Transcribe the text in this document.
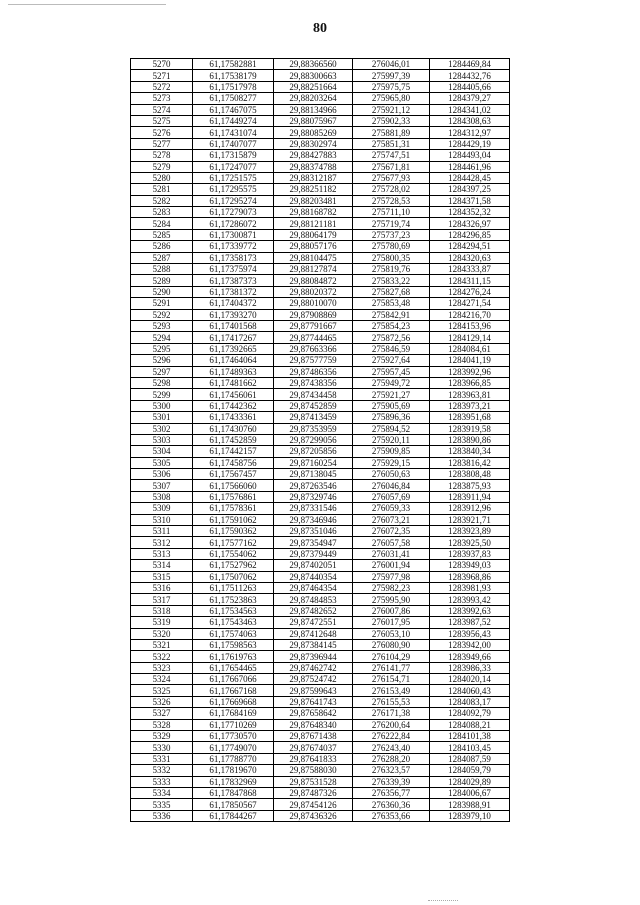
80
5270	61,17582881	29,88366560	276046,01	1284469,84
5271	61,17538179	29,88300663	275997,39	1284432,76
5272	61,17517978	29,88251664	275975,75	1284405,66
5273	61,17508277	29,88203264	275965,80	1284379,27
5274	61,17467075	29,88134966	275921,12	1284341,02
5275	61,17449274	29,88075967	275902,33	1284308,63
5276	61,17431074	29,88085269	275881,89	1284312,97
5277	61,17407077	29,88302974	275851,31	1284429,19
5278	61,17315879	29,88427883	275747,51	1284493,04
5279	61,17247077	29,88374788	275671,81	1284461,96
5280	61,17251575	29,88312187	275677,93	1284428,45
5281	61,17295575	29,88251182	275728,02	1284397,25
5282	61,17295274	29,88203481	275728,53	1284371,58
5283	61,17279073	29,88168782	275711,10	1284352,32
5284	61,17286072	29,88121181	275719,74	1284326,97
5285	61,17300871	29,88064179	275737,23	1284296,85
5286	61,17339772	29,88057176	275780,69	1284294,51
5287	61,17358173	29,88104475	275800,35	1284320,63
5288	61,17375974	29,88127874	275819,76	1284333,87
5289	61,17387373	29,88084872	275833,22	1284311,15
5290	61,17381372	29,88020372	275827,68	1284276,24
5291	61,17404372	29,88010070	275853,48	1284271,54
5292	61,17393270	29,87908869	275842,91	1284216,70
5293	61,17401568	29,87791667	275854,23	1284153,96
5294	61,17417267	29,87744465	275872,56	1284129,14
5295	61,17392665	29,87663366	275846,59	1284084,61
5296	61,17464064	29,87577759	275927,64	1284041,19
5297	61,17489363	29,87486356	275957,45	1283992,96
5298	61,17481662	29,87438356	275949,72	1283966,85
5299	61,17456061	29,87434458	275921,27	1283963,81
5300	61,17442362	29,87452859	275905,69	1283973,21
5301	61,17433361	29,87413459	275896,36	1283951,68
5302	61,17430760	29,87353959	275894,52	1283919,58
5303	61,17452859	29,87299056	275920,11	1283890,86
5304	61,17442157	29,87205856	275909,85	1283840,34
5305	61,17458756	29,87160254	275929,15	1283816,42
5306	61,17567457	29,87138045	276050,63	1283808,48
5307	61,17566060	29,87263546	276046,84	1283875,93
5308	61,17576861	29,87329746	276057,69	1283911,94
5309	61,17578361	29,87331546	276059,33	1283912,96
5310	61,17591062	29,87346946	276073,21	1283921,71
5311	61,17590362	29,87351046	276072,35	1283923,89
5312	61,17577162	29,87354947	276057,58	1283925,50
5313	61,17554062	29,87379449	276031,41	1283937,83
5314	61,17527962	29,87402051	276001,94	1283949,03
5315	61,17507062	29,87440354	275977,98	1283968,86
5316	61,17511263	29,87464354	275982,23	1283981,93
5317	61,17523863	29,87484853	275995,90	1283993,42
5318	61,17534563	29,87482652	276007,86	1283992,63
5319	61,17543463	29,87472551	276017,95	1283987,52
5320	61,17574063	29,87412648	276053,10	1283956,43
5321	61,17598563	29,87384145	276080,90	1283942,00
5322	61,17619763	29,87396944	276104,29	1283949,66
5323	61,17654465	29,87462742	276141,77	1283986,33
5324	61,17667066	29,87524742	276154,71	1284020,14
5325	61,17667168	29,87599643	276153,49	1284060,43
5326	61,17669668	29,87641743	276155,53	1284083,17
5327	61,17684169	29,87658642	276171,38	1284092,79
5328	61,17710269	29,87648340	276200,64	1284088,21
5329	61,17730570	29,87671438	276222,84	1284101,38
5330	61,17749070	29,87674037	276243,40	1284103,45
5331	61,17788770	29,87641833	276288,20	1284087,59
5332	61,17819670	29,87588030	276323,57	1284059,79
5333	61,17832969	29,87531528	276339,39	1284029,89
5334	61,17847868	29,87487326	276356,77	1284006,67
5335	61,17850567	29,87454126	276360,36	1283988,91
5336	61,17844267	29,87436326	276353,66	1283979,10
